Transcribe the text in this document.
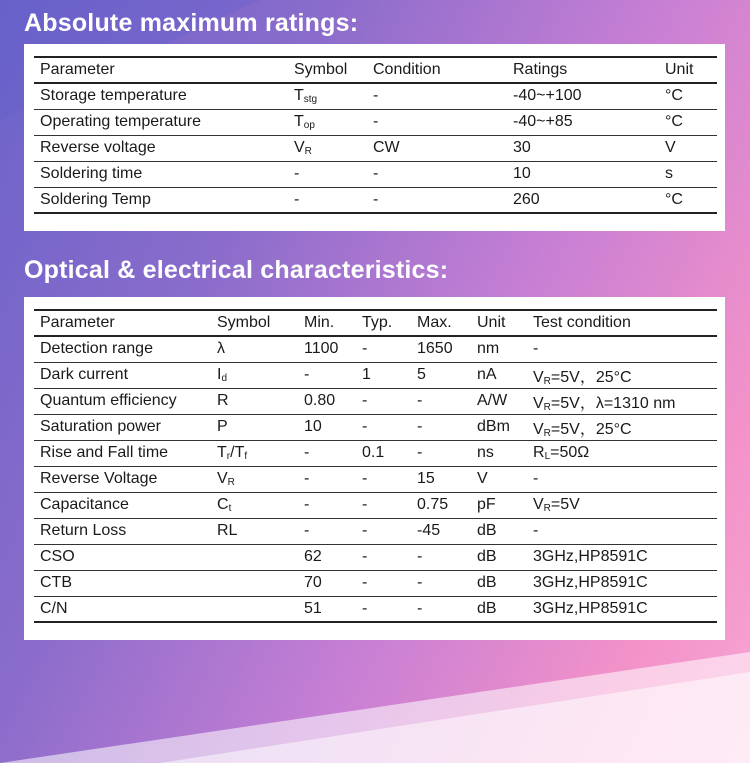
Absolute maximum ratings:
Parameter	Symbol	Condition	Ratings	Unit
Storage temperature	$T_{stg}$	-	-40~+100	°C
Operating temperature	$T_{op}$	-	-40~+85	°C
Reverse voltage	$V_R$	CW	30	V
Soldering time	-	-	10	s
Soldering Temp	-	-	260	°C
Optical & electrical characteristics:
Parameter	Symbol	Min.	Typ.	Max.	Unit	Test condition
Detection range	λ	1100	-	1650	nm	-
Dark current	$I_d$	-	1	5	nA	$V_R=5V$，25°C
Quantum efficiency	R	0.80	-	-	A/W	$V_R=5V$，λ=1310 nm
Saturation power	P	10	-	-	dBm	$V_R=5V$，25°C
Rise and Fall time	$T_r/T_f$	-	0.1	-	ns	$R_L=50\Omega$
Reverse Voltage	$V_R$	-	-	15	V	-
Capacitance	$C_t$	-	-	0.75	pF	$V_R=5V$
Return Loss	RL	-	-	-45	dB	-
CSO		62	-	-	dB	3GHz,HP8591C
CTB		70	-	-	dB	3GHz,HP8591C
C/N		51	-	-	dB	3GHz,HP8591C
